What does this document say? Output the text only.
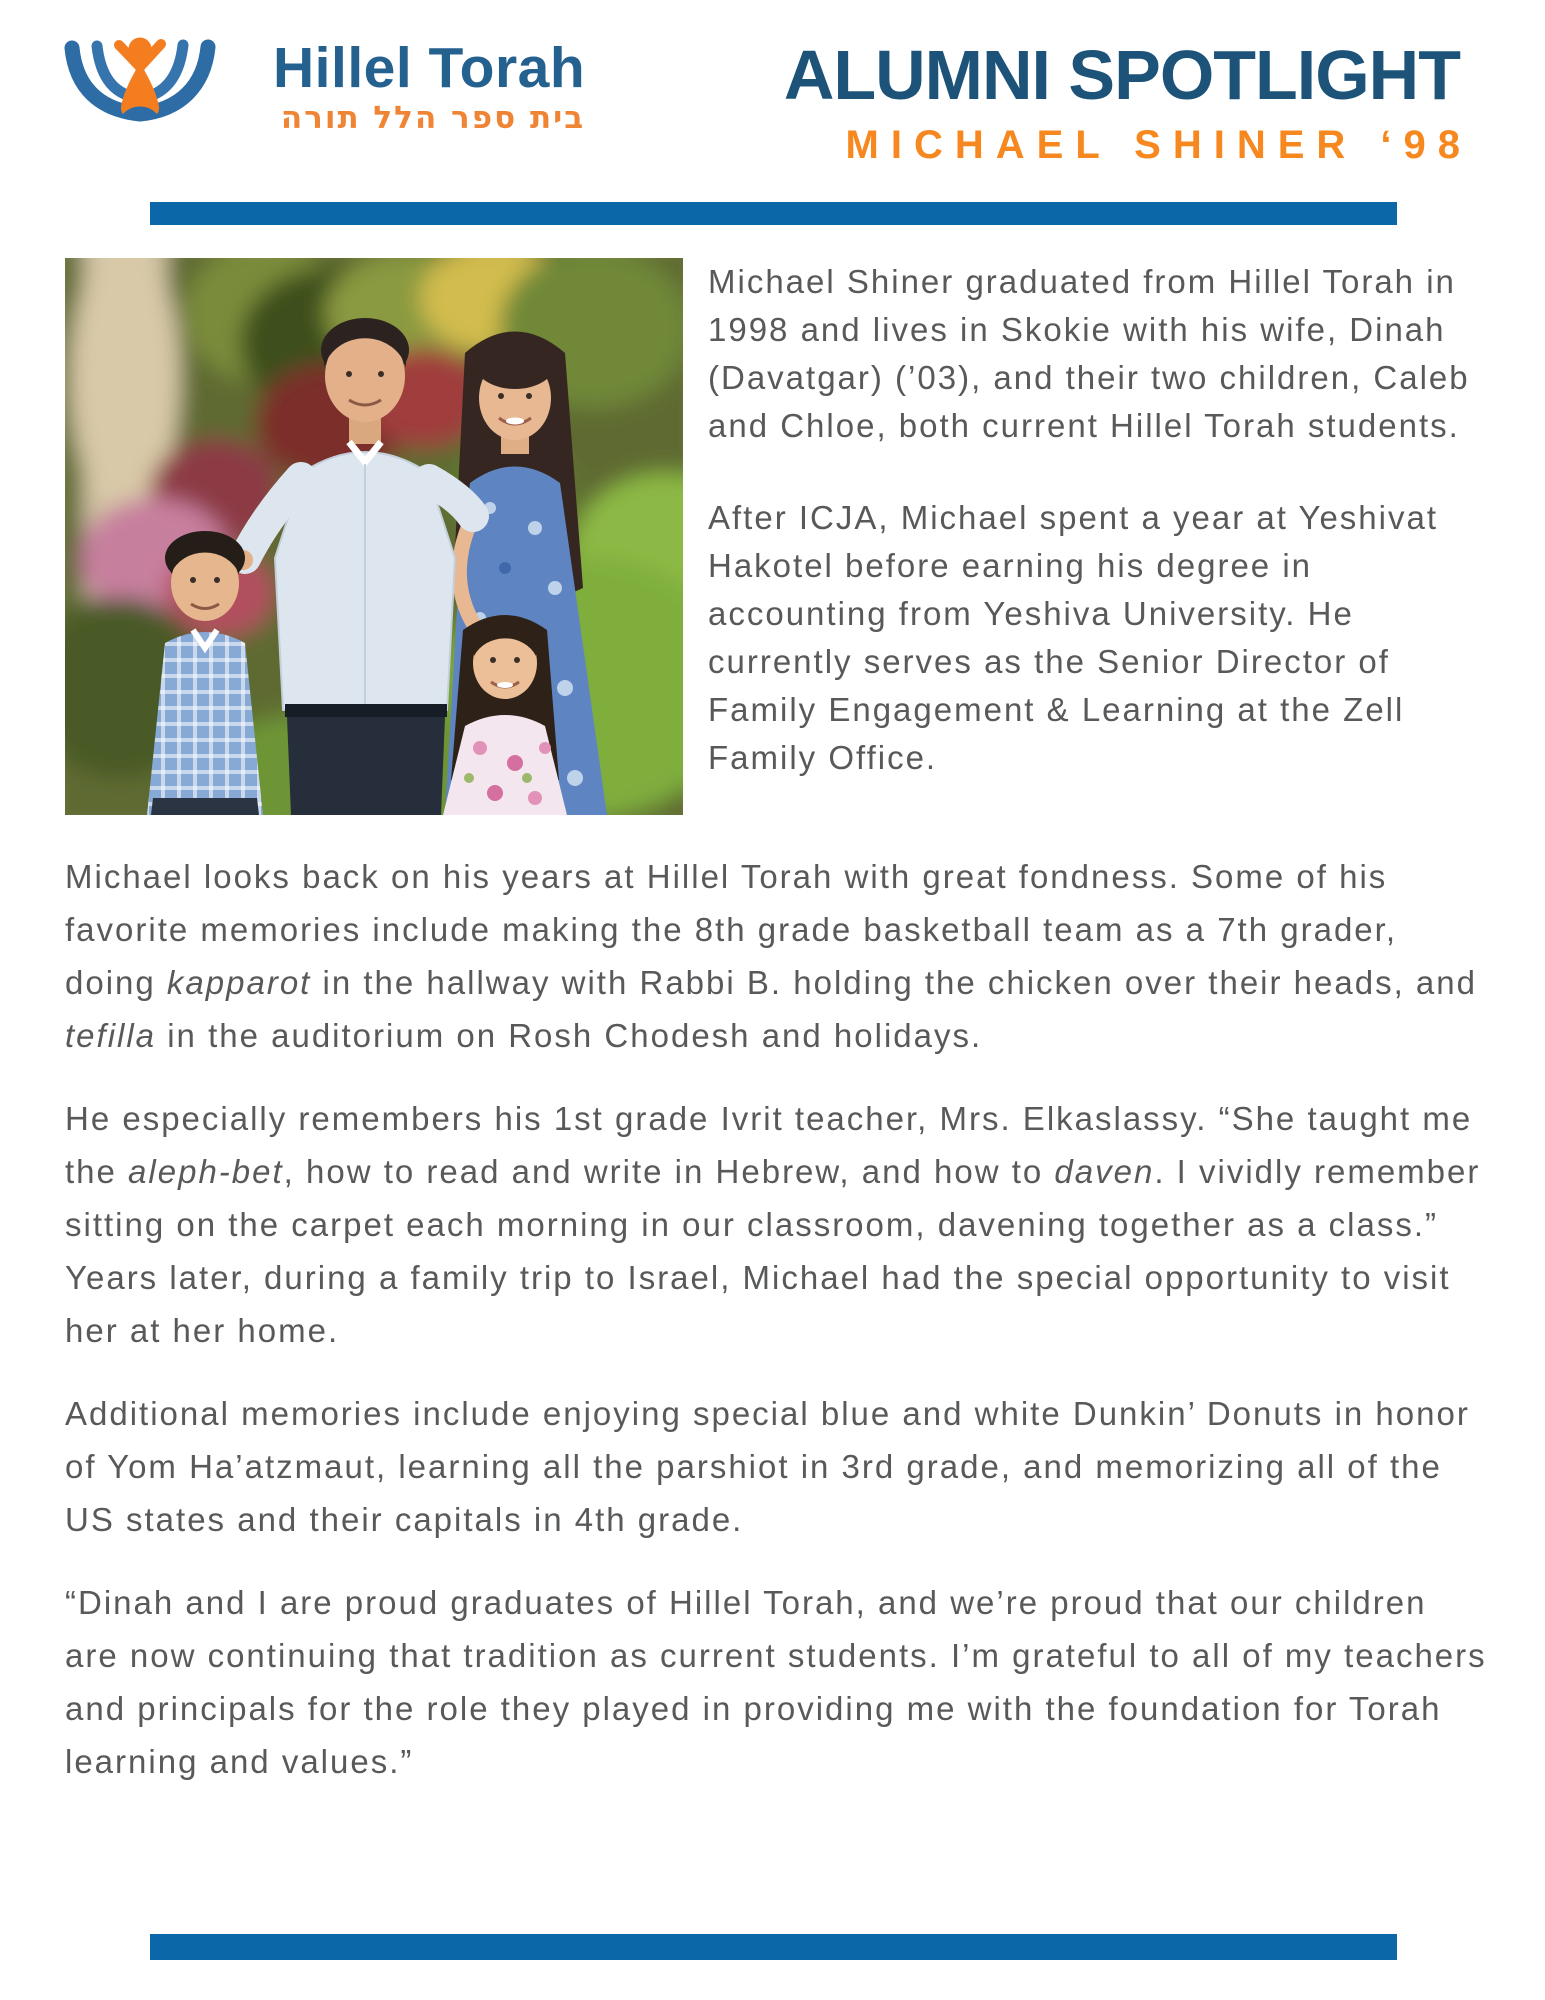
Hillel Torah
בית ספר הלל תורה
ALUMNI SPOTLIGHT
MICHAEL SHINER ‘98

Michael Shiner graduated from Hillel Torah in 1998 and lives in Skokie with his wife, Dinah (Davatgar) (’03), and their two children, Caleb and Chloe, both current Hillel Torah students.

After ICJA, Michael spent a year at Yeshivat Hakotel before earning his degree in accounting from Yeshiva University. He currently serves as the Senior Director of Family Engagement & Learning at the Zell Family Office.

Michael looks back on his years at Hillel Torah with great fondness. Some of his favorite memories include making the 8th grade basketball team as a 7th grader, doing kapparot in the hallway with Rabbi B. holding the chicken over their heads, and tefilla in the auditorium on Rosh Chodesh and holidays.

He especially remembers his 1st grade Ivrit teacher, Mrs. Elkaslassy. “She taught me the aleph-bet, how to read and write in Hebrew, and how to daven. I vividly remember sitting on the carpet each morning in our classroom, davening together as a class.” Years later, during a family trip to Israel, Michael had the special opportunity to visit her at her home.

Additional memories include enjoying special blue and white Dunkin’ Donuts in honor of Yom Ha’atzmaut, learning all the parshiot in 3rd grade, and memorizing all of the US states and their capitals in 4th grade.

“Dinah and I are proud graduates of Hillel Torah, and we’re proud that our children are now continuing that tradition as current students. I’m grateful to all of my teachers and principals for the role they played in providing me with the foundation for Torah learning and values.”
